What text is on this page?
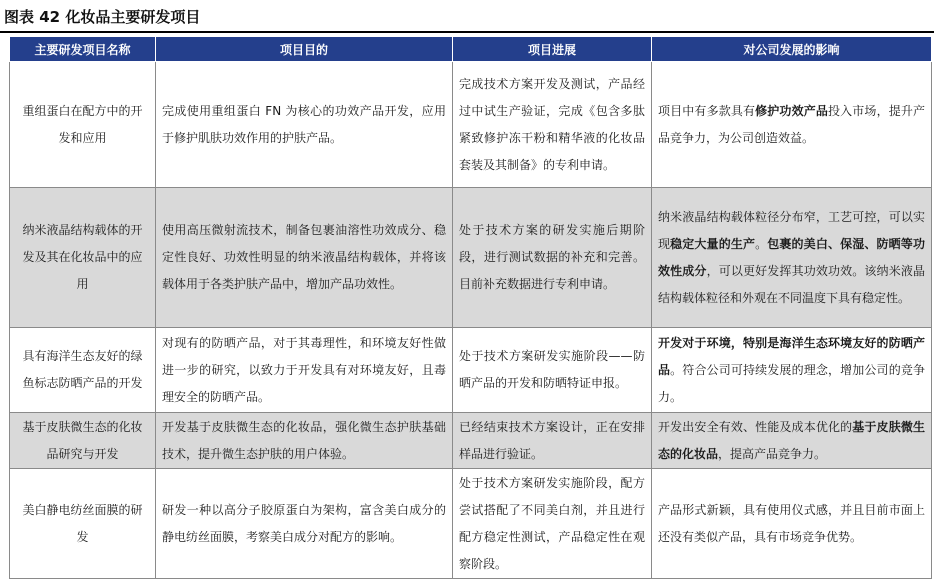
图表 42 化妆品主要研发项目
主要研发项目名称	项目目的	项目进展	对公司发展的影响
重组蛋白在配方中的开发和应用	完成使用重组蛋白 FN 为核心的功效产品开发，应用于修护肌肤功效作用的护肤产品。	完成技术方案开发及测试，产品经过中试生产验证，完成《包含多肽紧致修护冻干粉和精华液的化妆品套装及其制备》的专利申请。	项目中有多款具有修护功效产品投入市场，提升产品竞争力，为公司创造效益。
纳米液晶结构载体的开发及其在化妆品中的应用	使用高压微射流技术，制备包裹油溶性功效成分、稳定性良好、功效性明显的纳米液晶结构载体，并将该载体用于各类护肤产品中，增加产品功效性。	处于技术方案的研发实施后期阶段，进行测试数据的补充和完善。目前补充数据进行专利申请。	纳米液晶结构载体粒径分布窄，工艺可控，可以实现稳定大量的生产。包裹的美白、保湿、防晒等功效性成分，可以更好发挥其功效功效。该纳米液晶结构载体粒径和外观在不同温度下具有稳定性。
具有海洋生态友好的绿鱼标志防晒产品的开发	对现有的防晒产品，对于其毒理性，和环境友好性做进一步的研究，以致力于开发具有对环境友好，且毒理安全的防晒产品。	处于技术方案研发实施阶段——防晒产品的开发和防晒特证申报。	开发对于环境，特别是海洋生态环境友好的防晒产品。符合公司可持续发展的理念，增加公司的竞争力。
基于皮肤微生态的化妆品研究与开发	开发基于皮肤微生态的化妆品，强化微生态护肤基础技术，提升微生态护肤的用户体验。	已经结束技术方案设计，正在安排样品进行验证。	开发出安全有效、性能及成本优化的基于皮肤微生态的化妆品，提高产品竞争力。
美白静电纺丝面膜的研发	研发一种以高分子胶原蛋白为架构，富含美白成分的静电纺丝面膜，考察美白成分对配方的影响。	处于技术方案研发实施阶段，配方尝试搭配了不同美白剂，并且进行配方稳定性测试，产品稳定性在观察阶段。	产品形式新颖，具有使用仪式感，并且目前市面上还没有类似产品，具有市场竞争优势。
